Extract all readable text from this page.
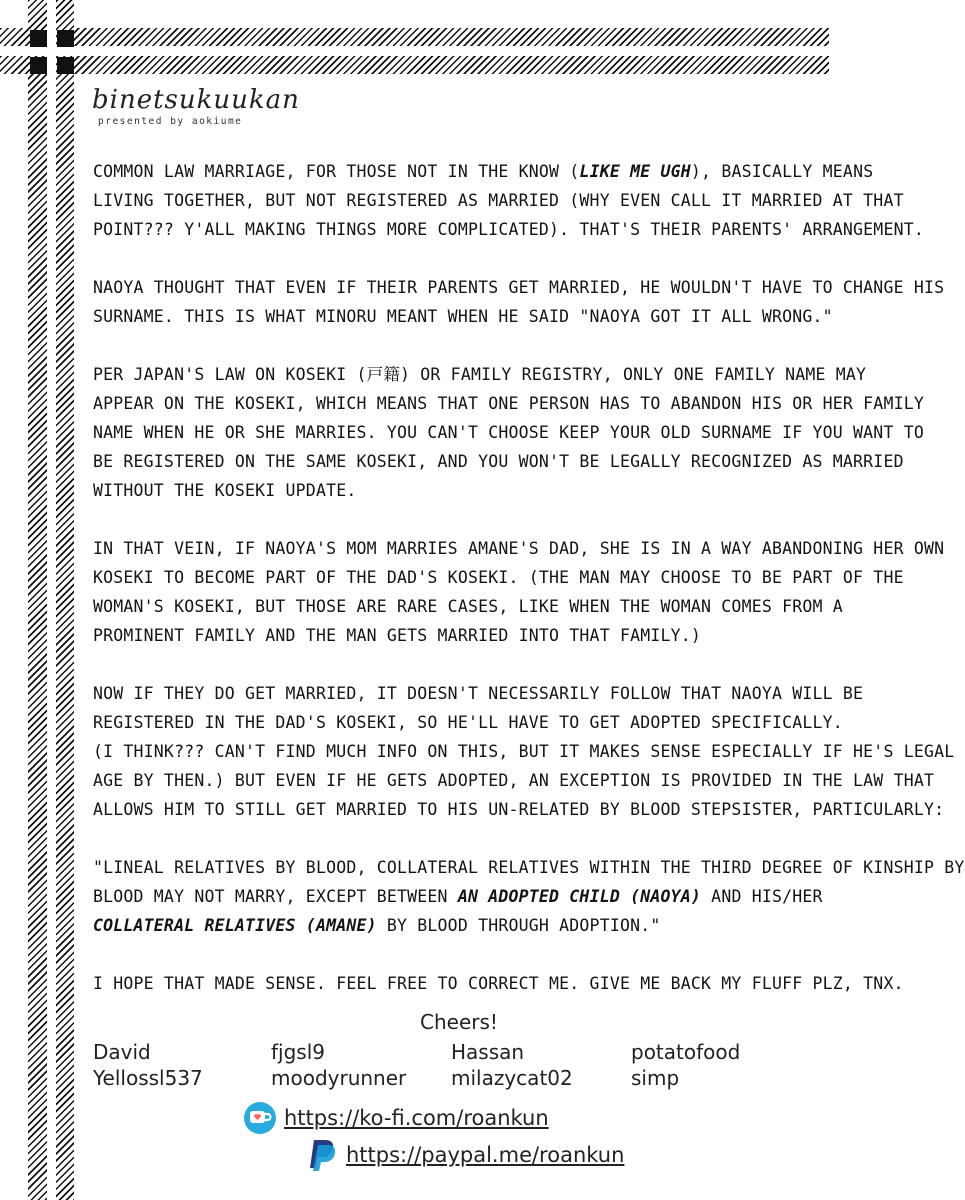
binetsukuukan
presented by aokiume

COMMON LAW MARRIAGE, FOR THOSE NOT IN THE KNOW (LIKE ME UGH), BASICALLY MEANS
LIVING TOGETHER, BUT NOT REGISTERED AS MARRIED (WHY EVEN CALL IT MARRIED AT THAT
POINT??? Y'ALL MAKING THINGS MORE COMPLICATED). THAT'S THEIR PARENTS' ARRANGEMENT.

NAOYA THOUGHT THAT EVEN IF THEIR PARENTS GET MARRIED, HE WOULDN'T HAVE TO CHANGE HIS
SURNAME. THIS IS WHAT MINORU MEANT WHEN HE SAID "NAOYA GOT IT ALL WRONG."

PER JAPAN'S LAW ON KOSEKI (戸籍) OR FAMILY REGISTRY, ONLY ONE FAMILY NAME MAY
APPEAR ON THE KOSEKI, WHICH MEANS THAT ONE PERSON HAS TO ABANDON HIS OR HER FAMILY
NAME WHEN HE OR SHE MARRIES. YOU CAN'T CHOOSE KEEP YOUR OLD SURNAME IF YOU WANT TO
BE REGISTERED ON THE SAME KOSEKI, AND YOU WON'T BE LEGALLY RECOGNIZED AS MARRIED
WITHOUT THE KOSEKI UPDATE.

IN THAT VEIN, IF NAOYA'S MOM MARRIES AMANE'S DAD, SHE IS IN A WAY ABANDONING HER OWN
KOSEKI TO BECOME PART OF THE DAD'S KOSEKI. (THE MAN MAY CHOOSE TO BE PART OF THE
WOMAN'S KOSEKI, BUT THOSE ARE RARE CASES, LIKE WHEN THE WOMAN COMES FROM A
PROMINENT FAMILY AND THE MAN GETS MARRIED INTO THAT FAMILY.)

NOW IF THEY DO GET MARRIED, IT DOESN'T NECESSARILY FOLLOW THAT NAOYA WILL BE
REGISTERED IN THE DAD'S KOSEKI, SO HE'LL HAVE TO GET ADOPTED SPECIFICALLY.
(I THINK??? CAN'T FIND MUCH INFO ON THIS, BUT IT MAKES SENSE ESPECIALLY IF HE'S LEGAL
AGE BY THEN.) BUT EVEN IF HE GETS ADOPTED, AN EXCEPTION IS PROVIDED IN THE LAW THAT
ALLOWS HIM TO STILL GET MARRIED TO HIS UN-RELATED BY BLOOD STEPSISTER, PARTICULARLY:

"LINEAL RELATIVES BY BLOOD, COLLATERAL RELATIVES WITHIN THE THIRD DEGREE OF KINSHIP BY
BLOOD MAY NOT MARRY, EXCEPT BETWEEN AN ADOPTED CHILD (NAOYA) AND HIS/HER
COLLATERAL RELATIVES (AMANE) BY BLOOD THROUGH ADOPTION."

I HOPE THAT MADE SENSE. FEEL FREE TO CORRECT ME. GIVE ME BACK MY FLUFF PLZ, TNX.

Cheers!
David	fjgsl9	Hassan	potatofood
Yellossl537	moodyrunner	milazycat02	simp
https://ko-fi.com/roankun
https://paypal.me/roankun
